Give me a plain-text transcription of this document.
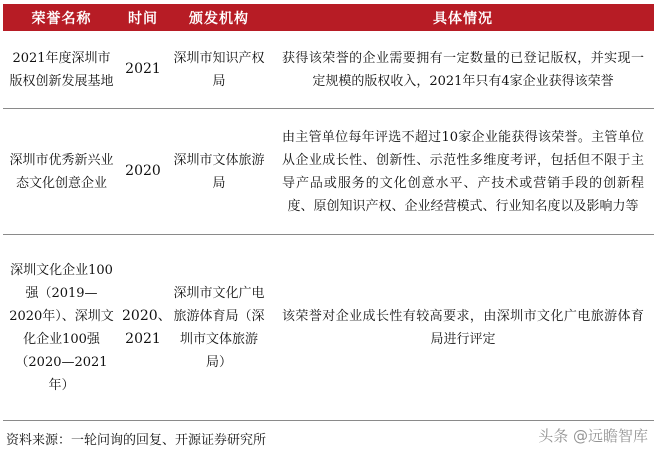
荣誉名称	时间	颁发机构	具体情况
2021年度深圳市版权创新发展基地	2021	深圳市知识产权局	获得该荣誉的企业需要拥有一定数量的已登记版权，并实现一定规模的版权收入，2021年只有4家企业获得该荣誉
深圳市优秀新兴业态文化创意企业	2020	深圳市文体旅游局	由主管单位每年评选不超过10家企业能获得该荣誉。主管单位从企业成长性、创新性、示范性多维度考评，包括但不限于主导产品或服务的文化创意水平、产技术或营销手段的创新程度、原创知识产权、企业经营模式、行业知名度以及影响力等
深圳文化企业100强（2019—2020年）、深圳文化企业100强（2020—2021年）	2020、2021	深圳市文化广电旅游体育局（深圳市文体旅游局）	该荣誉对企业成长性有较高要求，由深圳市文化广电旅游体育局进行评定
资料来源：一轮问询的回复、开源证券研究所	头条 @远瞻智库
